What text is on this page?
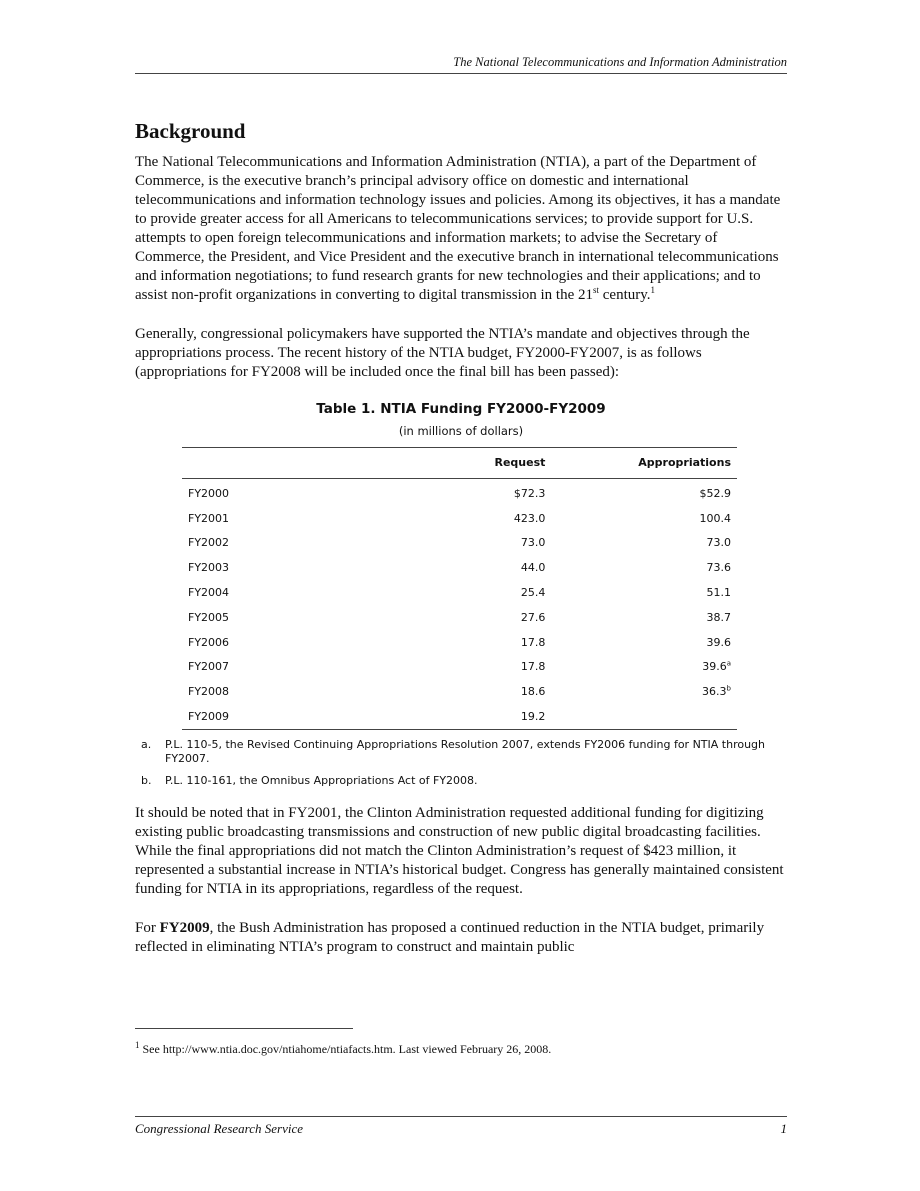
The National Telecommunications and Information Administration
Background

The National Telecommunications and Information Administration (NTIA), a part of the Department of Commerce, is the executive branch’s principal advisory office on domestic and international telecommunications and information technology issues and policies. Among its objectives, it has a mandate to provide greater access for all Americans to telecommunications services; to provide support for U.S. attempts to open foreign telecommunications and information markets; to advise the Secretary of Commerce, the President, and Vice President and the executive branch in international telecommunications and information negotiations; to fund research grants for new technologies and their applications; and to assist non-profit organizations in converting to digital transmission in the 21st century.$^1$

Generally, congressional policymakers have supported the NTIA’s mandate and objectives through the appropriations process. The recent history of the NTIA budget, FY2000-FY2007, is as follows (appropriations for FY2008 will be included once the final bill has been passed):

Table 1. NTIA Funding FY2000-FY2009
(in millions of dollars)
	Request	Appropriations
FY2000	$72.3	$52.9
FY2001	423.0	100.4
FY2002	73.0	73.0
FY2003	44.0	73.6
FY2004	25.4	51.1
FY2005	27.6	38.7
FY2006	17.8	39.6
FY2007	17.8	39.6$^a$
FY2008	18.6	36.3$^b$
FY2009	19.2	
a.	P.L. 110-5, the Revised Continuing Appropriations Resolution 2007, extends FY2006 funding for NTIA through FY2007.
b.	P.L. 110-161, the Omnibus Appropriations Act of FY2008.

It should be noted that in FY2001, the Clinton Administration requested additional funding for digitizing existing public broadcasting transmissions and construction of new public digital broadcasting facilities. While the final appropriations did not match the Clinton Administration’s request of $423 million, it represented a substantial increase in NTIA’s historical budget. Congress has generally maintained consistent funding for NTIA in its appropriations, regardless of the request.

For FY2009, the Bush Administration has proposed a continued reduction in the NTIA budget, primarily reflected in eliminating NTIA’s program to construct and maintain public

$^1$ See http://www.ntia.doc.gov/ntiahome/ntiafacts.htm. Last viewed February 26, 2008.
Congressional Research Service	1
